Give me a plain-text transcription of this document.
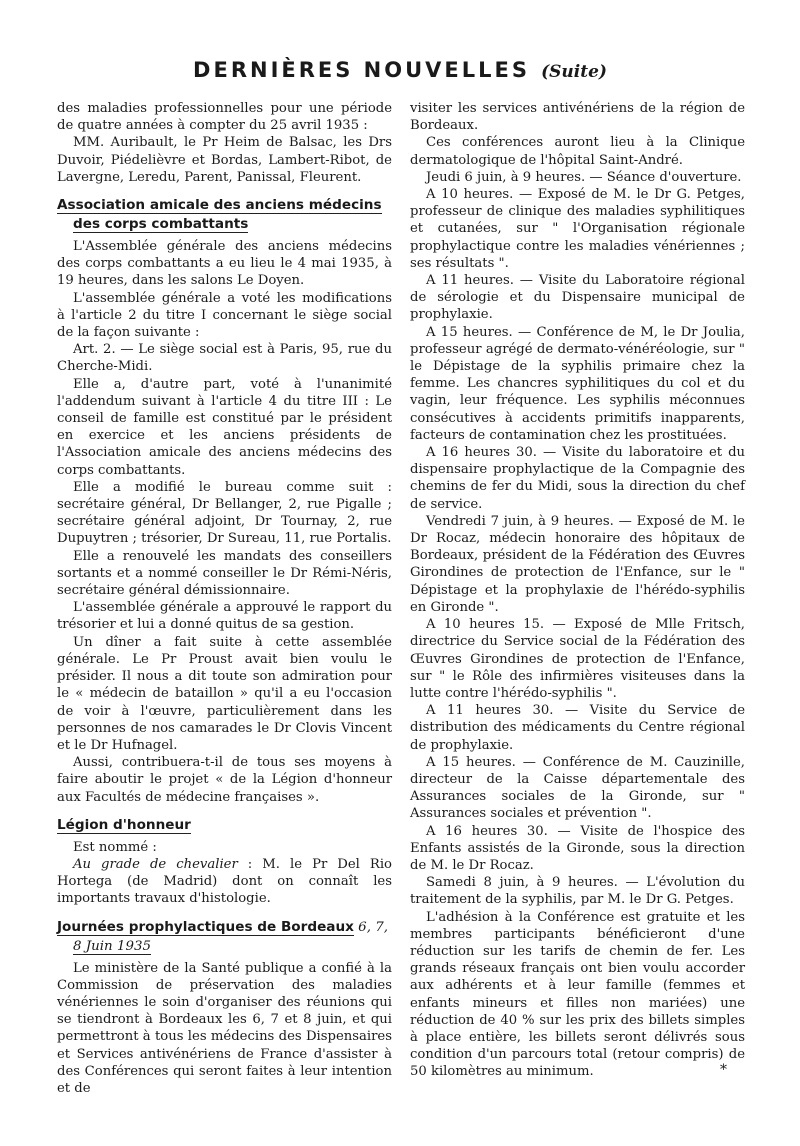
DERNIÈRES NOUVELLES (Suite)

des maladies professionnelles pour une période de quatre années à compter du 25 avril 1935 :

MM. Auribault, le Pr Heim de Balsac, les Drs Duvoir, Piédelièvre et Bordas, Lambert-Ribot, de Lavergne, Leredu, Parent, Panissal, Fleurent.

Association amicale des anciens médecins

des corps combattants

L'Assemblée générale des anciens médecins des corps combattants a eu lieu le 4 mai 1935, à 19 heures, dans les salons Le Doyen.

L'assemblée générale a voté les modifications à l'article 2 du titre I concernant le siège social de la façon suivante :

Art. 2. — Le siège social est à Paris, 95, rue du Cherche-Midi.

Elle a, d'autre part, voté à l'unanimité l'addendum suivant à l'article 4 du titre III : Le conseil de famille est constitué par le président en exercice et les anciens présidents de l'Association amicale des anciens médecins des corps combattants.

Elle a modifié le bureau comme suit : secrétaire général, Dr Bellanger, 2, rue Pigalle ; secrétaire général adjoint, Dr Tournay, 2, rue Dupuytren ; trésorier, Dr Sureau, 11, rue Portalis.

Elle a renouvelé les mandats des conseillers sortants et a nommé conseiller le Dr Rémi-Néris, secrétaire général démissionnaire.

L'assemblée générale a approuvé le rapport du trésorier et lui a donné quitus de sa gestion.

Un dîner a fait suite à cette assemblée générale. Le Pr Proust avait bien voulu le présider. Il nous a dit toute son admiration pour le « médecin de bataillon » qu'il a eu l'occasion de voir à l'œuvre, particulièrement dans les personnes de nos camarades le Dr Clovis Vincent et le Dr Hufnagel.

Aussi, contribuera-t-il de tous ses moyens à faire aboutir le projet « de la Légion d'honneur aux Facultés de médecine françaises ».

Légion d'honneur

Est nommé :

Au grade de chevalier : M. le Pr Del Rio Hortega (de Madrid) dont on connaît les importants travaux d'histologie.

Journées prophylactiques de Bordeaux 6, 7,

8 Juin 1935

Le ministère de la Santé publique a confié à la Commission de préservation des maladies vénériennes le soin d'organiser des réunions qui se tiendront à Bordeaux les 6, 7 et 8 juin, et qui permettront à tous les médecins des Dispensaires et Services antivénériens de France d'assister à des Conférences qui seront faites à leur intention et de

visiter les services antivénériens de la région de Bordeaux.

Ces conférences auront lieu à la Clinique dermatologique de l'hôpital Saint-André.

Jeudi 6 juin, à 9 heures. — Séance d'ouverture.

A 10 heures. — Exposé de M. le Dr G. Petges, professeur de clinique des maladies syphilitiques et cutanées, sur " l'Organisation régionale prophylactique contre les maladies vénériennes ; ses résultats ".

A 11 heures. — Visite du Laboratoire régional de sérologie et du Dispensaire municipal de prophylaxie.

A 15 heures. — Conférence de M, le Dr Joulia, professeur agrégé de dermato-vénéréologie, sur " le Dépistage de la syphilis primaire chez la femme. Les chancres syphilitiques du col et du vagin, leur fréquence. Les syphilis méconnues consécutives à accidents primitifs inapparents, facteurs de contamination chez les prostituées.

A 16 heures 30. — Visite du laboratoire et du dispensaire prophylactique de la Compagnie des chemins de fer du Midi, sous la direction du chef de service.

Vendredi 7 juin, à 9 heures. — Exposé de M. le Dr Rocaz, médecin honoraire des hôpitaux de Bordeaux, président de la Fédération des Œuvres Girondines de protection de l'Enfance, sur le " Dépistage et la prophylaxie de l'hérédo-syphilis en Gironde ".

A 10 heures 15. — Exposé de Mlle Fritsch, directrice du Service social de la Fédération des Œuvres Girondines de protection de l'Enfance, sur " le Rôle des infirmières visiteuses dans la lutte contre l'hérédo-syphilis ".

A 11 heures 30. — Visite du Service de distribution des médicaments du Centre régional de prophylaxie.

A 15 heures. — Conférence de M. Cauzinille, directeur de la Caisse départementale des Assurances sociales de la Gironde, sur " Assurances sociales et prévention ".

A 16 heures 30. — Visite de l'hospice des Enfants assistés de la Gironde, sous la direction de M. le Dr Rocaz.

Samedi 8 juin, à 9 heures. — L'évolution du traitement de la syphilis, par M. le Dr G. Petges.

L'adhésion à la Conférence est gratuite et les membres participants bénéficieront d'une réduction sur les tarifs de chemin de fer. Les grands réseaux français ont bien voulu accorder aux adhérents et à leur famille (femmes et enfants mineurs et filles non mariées) une réduction de 40 % sur les prix des billets simples à place entière, les billets seront délivrés sous condition d'un parcours total (retour compris) de 50 kilomètres au minimum.	*
